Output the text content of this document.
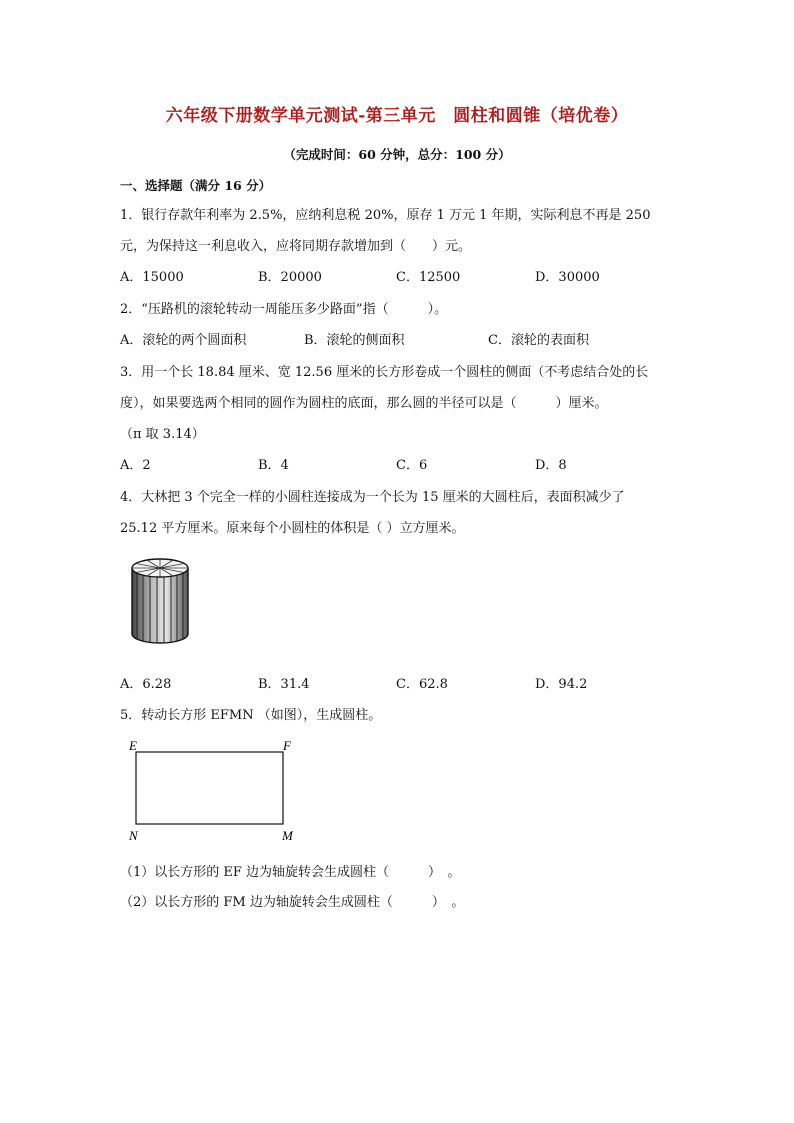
六年级下册数学单元测试-第三单元　圆柱和圆锥（培优卷）
（完成时间：60 分钟，总分：100 分）
一、选择题（满分 16 分）
1．银行存款年利率为 2.5%，应纳利息税 20%，原存 1 万元 1 年期，实际利息不再是 250
元，为保持这一利息收入，应将同期存款增加到（　　）元。
A．15000	B．20000	C．12500	D．30000
2．“压路机的滚轮转动一周能压多少路面”指（　　　）。
A．滚轮的两个圆面积	B．滚轮的侧面积	C．滚轮的表面积
3．用一个长 18.84 厘米、宽 12.56 厘米的长方形卷成一个圆柱的侧面（不考虑结合处的长
度），如果要选两个相同的圆作为圆柱的底面，那么圆的半径可以是（　　　）厘米。
（π 取 3.14）
A．2	B．4	C．6	D．8
4．大林把 3 个完全一样的小圆柱连接成为一个长为 15 厘米的大圆柱后，表面积减少了
25.12 平方厘米。原来每个小圆柱的体积是（ ）立方厘米。
A．6.28	B．31.4	C．62.8	D．94.2
5．转动长方形 EFMN （如图），生成圆柱。
E	F
N	M
（1）以长方形的 EF 边为轴旋转会生成圆柱（　　　）　。
（2）以长方形的 FM 边为轴旋转会生成圆柱（　　　）　。
